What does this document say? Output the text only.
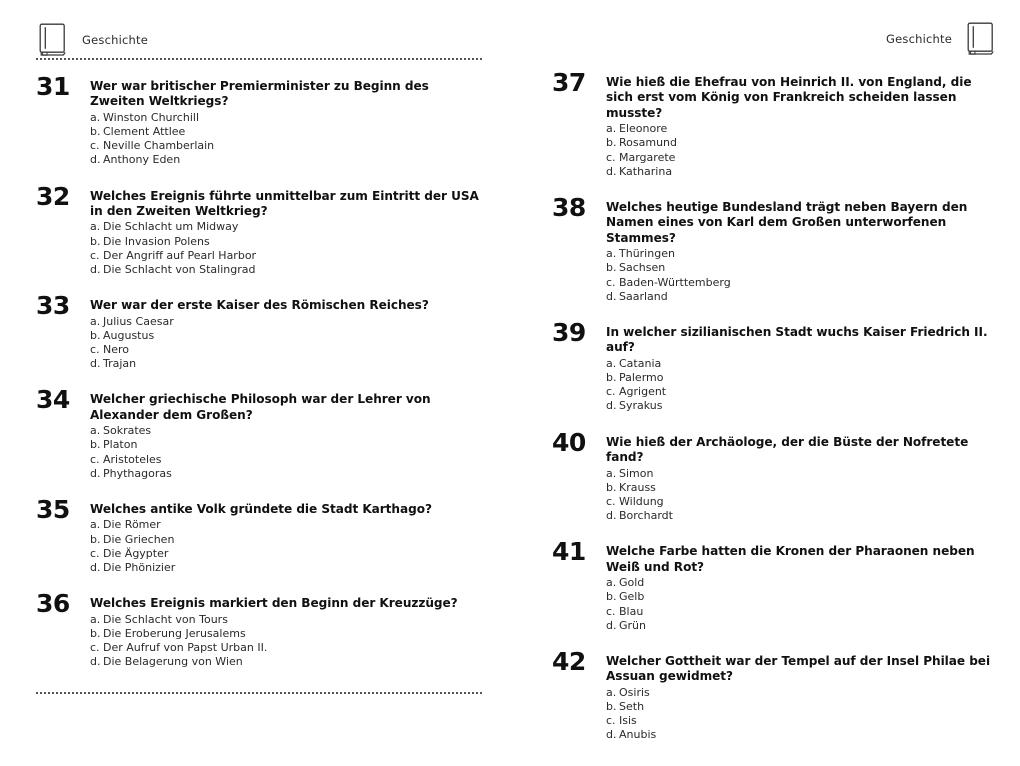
Geschichte
31	Wer war britischer Premierminister zu Beginn des Zweiten Weltkriegs?

a. Winston Churchill
b. Clement Attlee
c. Neville Chamberlain
d. Anthony Eden
32	Welches Ereignis führte unmittelbar zum Eintritt der USA in den Zweiten Weltkrieg?

a. Die Schlacht um Midway
b. Die Invasion Polens
c. Der Angriff auf Pearl Harbor
d. Die Schlacht von Stalingrad
33	Wer war der erste Kaiser des Römischen Reiches?

a. Julius Caesar
b. Augustus
c. Nero
d. Trajan
34	Welcher griechische Philosoph war der Lehrer von Alexander dem Großen?

a. Sokrates
b. Platon
c. Aristoteles
d. Phythagoras
35	Welches antike Volk gründete die Stadt Karthago?

a. Die Römer
b. Die Griechen
c. Die Ägypter
d. Die Phönizier
36	Welches Ereignis markiert den Beginn der Kreuzzüge?

a. Die Schlacht von Tours
b. Die Eroberung Jerusalems
c. Der Aufruf von Papst Urban II.
d. Die Belagerung von Wien
Geschichte
37	Wie hieß die Ehefrau von Heinrich II. von England, die sich erst vom König von Frankreich scheiden lassen musste?

a. Eleonore
b. Rosamund
c. Margarete
d. Katharina
38	Welches heutige Bundesland trägt neben Bayern den Namen eines von Karl dem Großen unterworfenen Stammes?

a. Thüringen
b. Sachsen
c. Baden-Württemberg
d. Saarland
39	In welcher sizilianischen Stadt wuchs Kaiser Friedrich II. auf?

a. Catania
b. Palermo
c. Agrigent
d. Syrakus
40	Wie hieß der Archäologe, der die Büste der Nofretete fand?

a. Simon
b. Krauss
c. Wildung
d. Borchardt
41	Welche Farbe hatten die Kronen der Pharaonen neben Weiß und Rot?

a. Gold
b. Gelb
c. Blau
d. Grün
42	Welcher Gottheit war der Tempel auf der Insel Philae bei Assuan gewidmet?

a. Osiris
b. Seth
c. Isis
d. Anubis
